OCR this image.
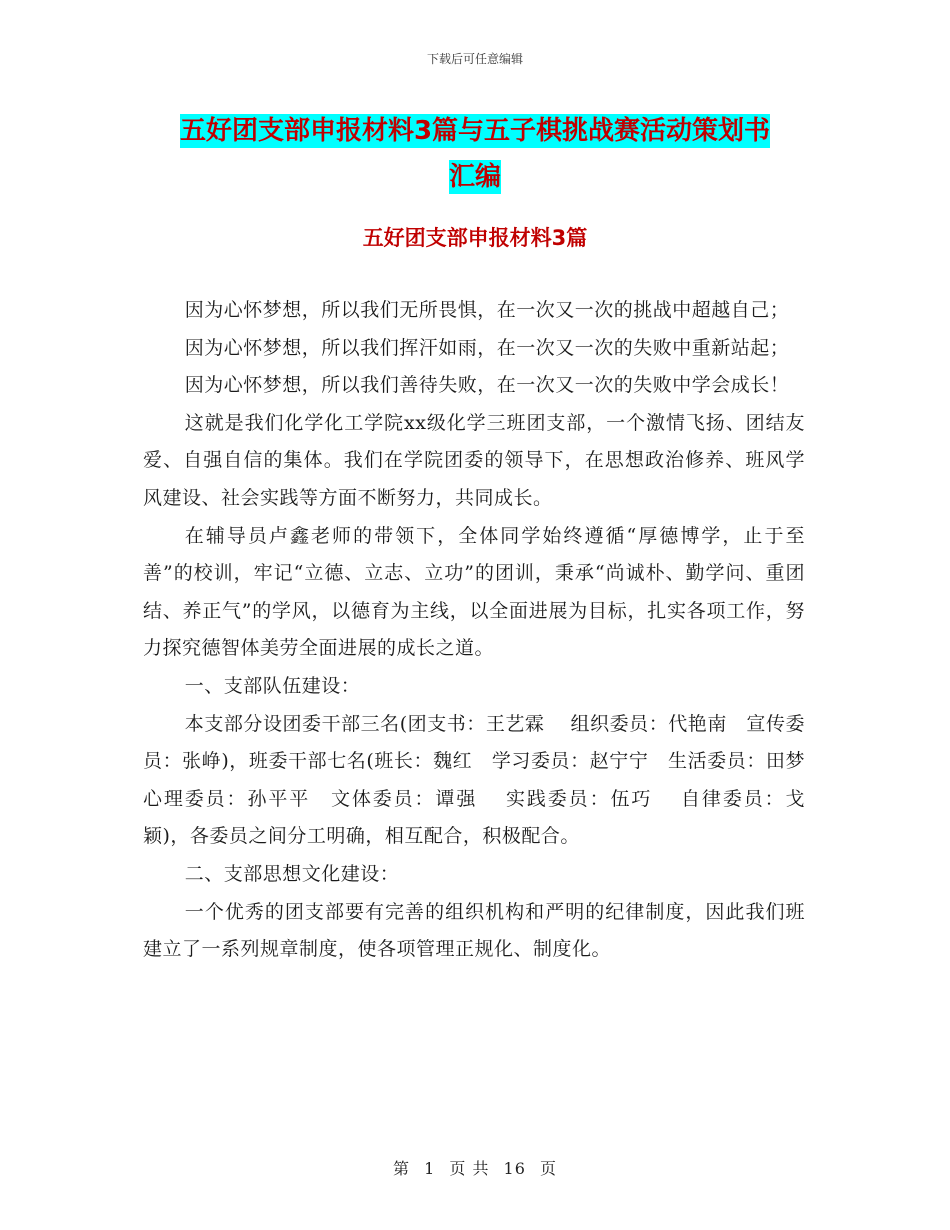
下载后可任意编辑
五好团支部申报材料3篇与五子棋挑战赛活动策划书
汇编
五好团支部申报材料3篇

因为心怀梦想，所以我们无所畏惧，在一次又一次的挑战中超越自己；

因为心怀梦想，所以我们挥汗如雨，在一次又一次的失败中重新站起；

因为心怀梦想，所以我们善待失败，在一次又一次的失败中学会成长！

这就是我们化学化工学院xx级化学三班团支部，一个激情飞扬、团结友爱、自强自信的集体。我们在学院团委的领导下，在思想政治修养、班风学风建设、社会实践等方面不断努力，共同成长。

在辅导员卢鑫老师的带领下，全体同学始终遵循“厚德博学，止于至善”的校训，牢记“立德、立志、立功”的团训，秉承“尚诚朴、勤学问、重团结、养正气”的学风，以德育为主线，以全面进展为目标，扎实各项工作，努力探究德智体美劳全面进展的成长之道。

一、支部队伍建设：

本支部分设团委干部三名(团支书：王艺霖　 组织委员：代艳南　宣传委员：张峥)，班委干部七名(班长：魏红　学习委员：赵宁宁　生活委员：田梦　 心理委员：孙平平　文体委员：谭强　 实践委员：伍巧　 自律委员：戈颖)，各委员之间分工明确，相互配合，积极配合。

二、支部思想文化建设：

一个优秀的团支部要有完善的组织机构和严明的纪律制度，因此我们班建立了一系列规章制度，使各项管理正规化、制度化。

第 1 页 共 16 页
